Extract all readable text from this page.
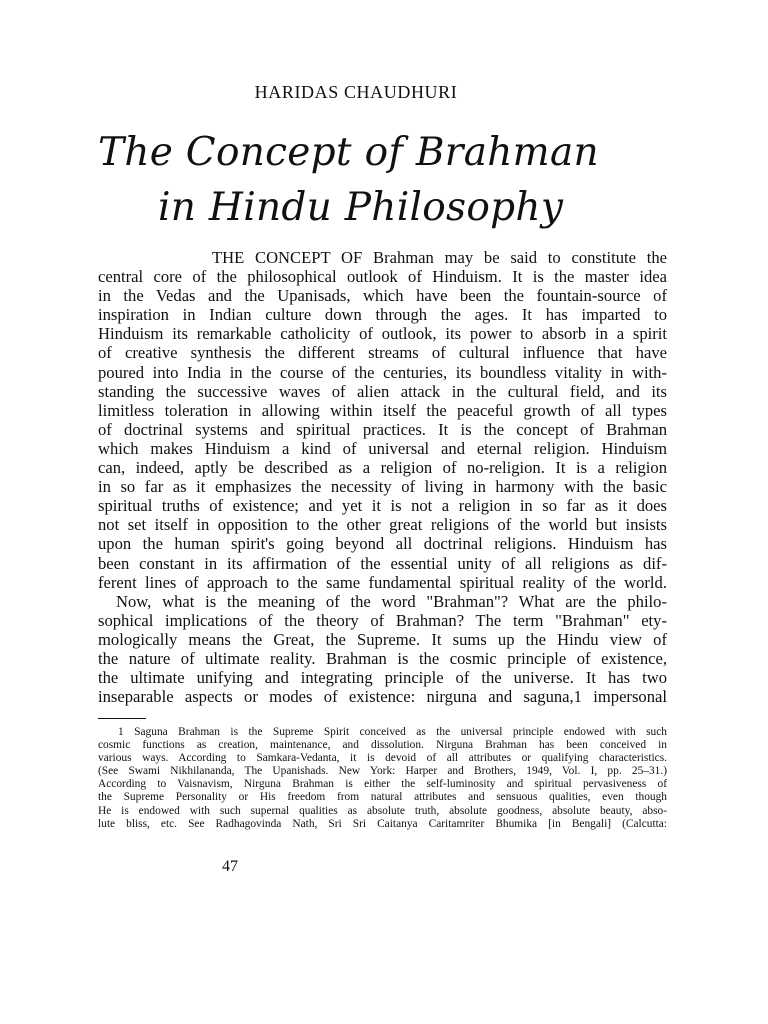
HARIDAS CHAUDHURI
The Concept of Brahman
in Hindu Philosophy
THE CONCEPT OF Brahman may be said to constitute the
central core of the philosophical outlook of Hinduism. It is the master idea
in the Vedas and the Upanisads, which have been the fountain-source of
inspiration in Indian culture down through the ages. It has imparted to
Hinduism its remarkable catholicity of outlook, its power to absorb in a spirit
of creative synthesis the different streams of cultural influence that have
poured into India in the course of the centuries, its boundless vitality in with-
standing the successive waves of alien attack in the cultural field, and its
limitless toleration in allowing within itself the peaceful growth of all types
of doctrinal systems and spiritual practices. It is the concept of Brahman
which makes Hinduism a kind of universal and eternal religion. Hinduism
can, indeed, aptly be described as a religion of no-religion. It is a religion
in so far as it emphasizes the necessity of living in harmony with the basic
spiritual truths of existence; and yet it is not a religion in so far as it does
not set itself in opposition to the other great religions of the world but insists
upon the human spirit's going beyond all doctrinal religions. Hinduism has
been constant in its affirmation of the essential unity of all religions as dif-
ferent lines of approach to the same fundamental spiritual reality of the world.
Now, what is the meaning of the word "Brahman"? What are the philo-
sophical implications of the theory of Brahman? The term "Brahman" ety-
mologically means the Great, the Supreme. It sums up the Hindu view of
the nature of ultimate reality. Brahman is the cosmic principle of existence,
the ultimate unifying and integrating principle of the universe. It has two
inseparable aspects or modes of existence: nirguna and saguna,1 impersonal
1 Saguna Brahman is the Supreme Spirit conceived as the universal principle endowed with such
cosmic functions as creation, maintenance, and dissolution. Nirguna Brahman has been conceived in
various ways. According to Samkara-Vedanta, it is devoid of all attributes or qualifying characteristics.
(See Swami Nikhilananda, The Upanishads. New York: Harper and Brothers, 1949, Vol. I, pp. 25–31.)
According to Vaisnavism, Nirguna Brahman is either the self-luminosity and spiritual pervasiveness of
the Supreme Personality or His freedom from natural attributes and sensuous qualities, even though
He is endowed with such supernal qualities as absolute truth, absolute goodness, absolute beauty, abso-
lute bliss, etc. See Radhagovinda Nath, Sri Sri Caitanya Caritamriter Bhumika [in Bengali] (Calcutta:
47
